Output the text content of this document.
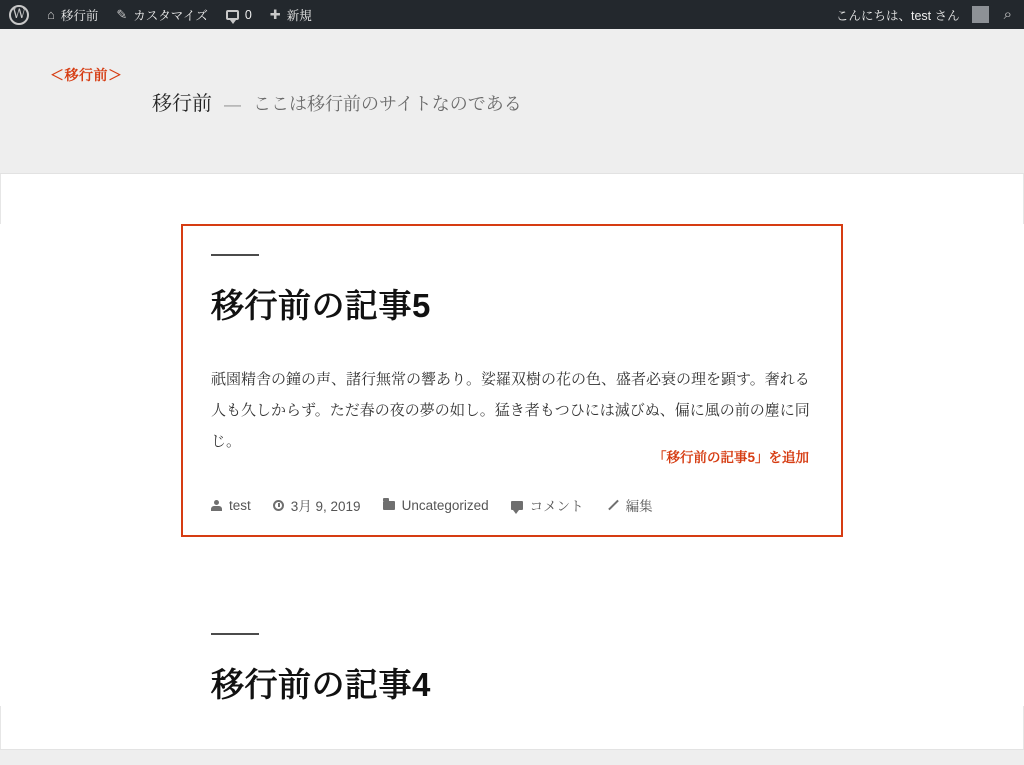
W ⌂ 移行前 ✎ カスタマイズ	0 ✚ 新規	こんにちは、test さん	⌕
＜移行前＞
移行前 — ここは移行前のサイトなのである
「移行前の記事5」を追加
移行前の記事5

祇園精舎の鐘の声、諸行無常の響あり。娑羅双樹の花の色、盛者必衰の理を顕す。奢れる人も久しからず。ただ春の夜の夢の如し。猛き者もつひには滅びぬ、偏に風の前の塵に同じ。

test	3月 9, 2019	Uncategorized	コメント	編集
移行前の記事4
